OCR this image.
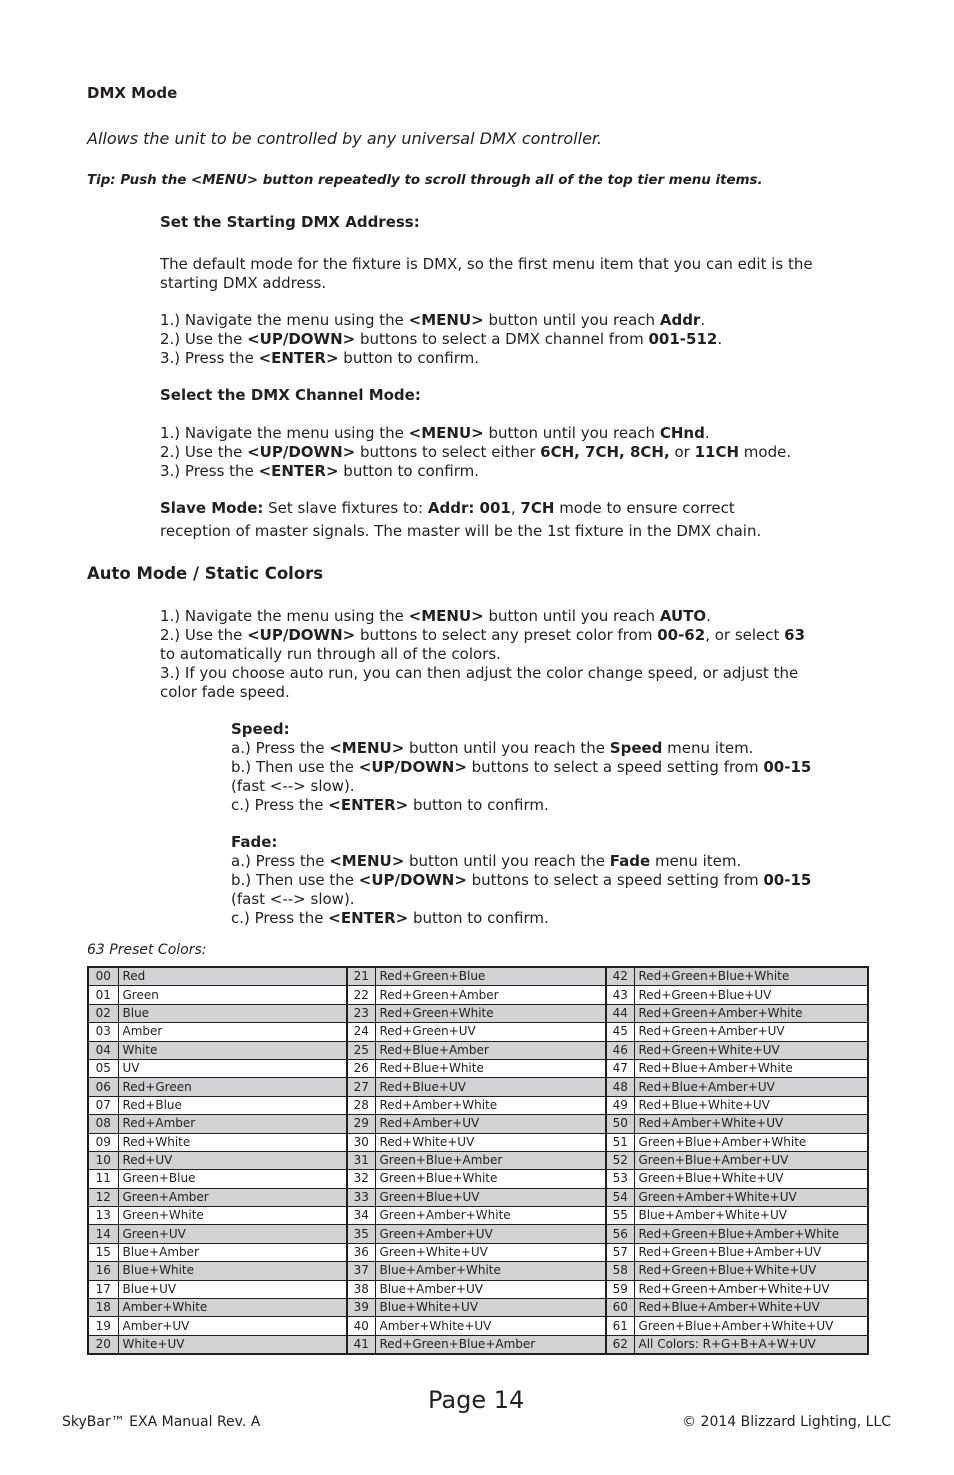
DMX Mode
Allows the unit to be controlled by any universal DMX controller.
Tip: Push the <MENU> button repeatedly to scroll through all of the top tier menu items.
Set the Starting DMX Address:
The default mode for the fixture is DMX, so the first menu item that you can edit is the
starting DMX address.
1.) Navigate the menu using the <MENU> button until you reach Addr.
2.) Use the <UP/DOWN> buttons to select a DMX channel from 001-512.
3.) Press the <ENTER> button to confirm.
Select the DMX Channel Mode:
1.) Navigate the menu using the <MENU> button until you reach CHnd.
2.) Use the <UP/DOWN> buttons to select either 6CH, 7CH, 8CH, or 11CH mode.
3.) Press the <ENTER> button to confirm.
Slave Mode: Set slave fixtures to: Addr: 001, 7CH mode to ensure correct
reception of master signals. The master will be the 1st fixture in the DMX chain.
Auto Mode / Static Colors
1.) Navigate the menu using the <MENU> button until you reach AUTO.
2.) Use the <UP/DOWN> buttons to select any preset color from 00-62, or select 63
to automatically run through all of the colors.
3.) If you choose auto run, you can then adjust the color change speed, or adjust the
color fade speed.
Speed:
a.) Press the <MENU> button until you reach the Speed menu item.
b.) Then use the <UP/DOWN> buttons to select a speed setting from 00-15
(fast <--> slow).
c.) Press the <ENTER> button to confirm.
Fade:
a.) Press the <MENU> button until you reach the Fade menu item.
b.) Then use the <UP/DOWN> buttons to select a speed setting from 00-15
(fast <--> slow).
c.) Press the <ENTER> button to confirm.
63 Preset Colors:
00	Red	21	Red+Green+Blue	42	Red+Green+Blue+White
01	Green	22	Red+Green+Amber	43	Red+Green+Blue+UV
02	Blue	23	Red+Green+White	44	Red+Green+Amber+White
03	Amber	24	Red+Green+UV	45	Red+Green+Amber+UV
04	White	25	Red+Blue+Amber	46	Red+Green+White+UV
05	UV	26	Red+Blue+White	47	Red+Blue+Amber+White
06	Red+Green	27	Red+Blue+UV	48	Red+Blue+Amber+UV
07	Red+Blue	28	Red+Amber+White	49	Red+Blue+White+UV
08	Red+Amber	29	Red+Amber+UV	50	Red+Amber+White+UV
09	Red+White	30	Red+White+UV	51	Green+Blue+Amber+White
10	Red+UV	31	Green+Blue+Amber	52	Green+Blue+Amber+UV
11	Green+Blue	32	Green+Blue+White	53	Green+Blue+White+UV
12	Green+Amber	33	Green+Blue+UV	54	Green+Amber+White+UV
13	Green+White	34	Green+Amber+White	55	Blue+Amber+White+UV
14	Green+UV	35	Green+Amber+UV	56	Red+Green+Blue+Amber+White
15	Blue+Amber	36	Green+White+UV	57	Red+Green+Blue+Amber+UV
16	Blue+White	37	Blue+Amber+White	58	Red+Green+Blue+White+UV
17	Blue+UV	38	Blue+Amber+UV	59	Red+Green+Amber+White+UV
18	Amber+White	39	Blue+White+UV	60	Red+Blue+Amber+White+UV
19	Amber+UV	40	Amber+White+UV	61	Green+Blue+Amber+White+UV
20	White+UV	41	Red+Green+Blue+Amber	62	All Colors: R+G+B+A+W+UV
Page 14
SkyBar™ EXA Manual Rev. A	© 2014 Blizzard Lighting, LLC
